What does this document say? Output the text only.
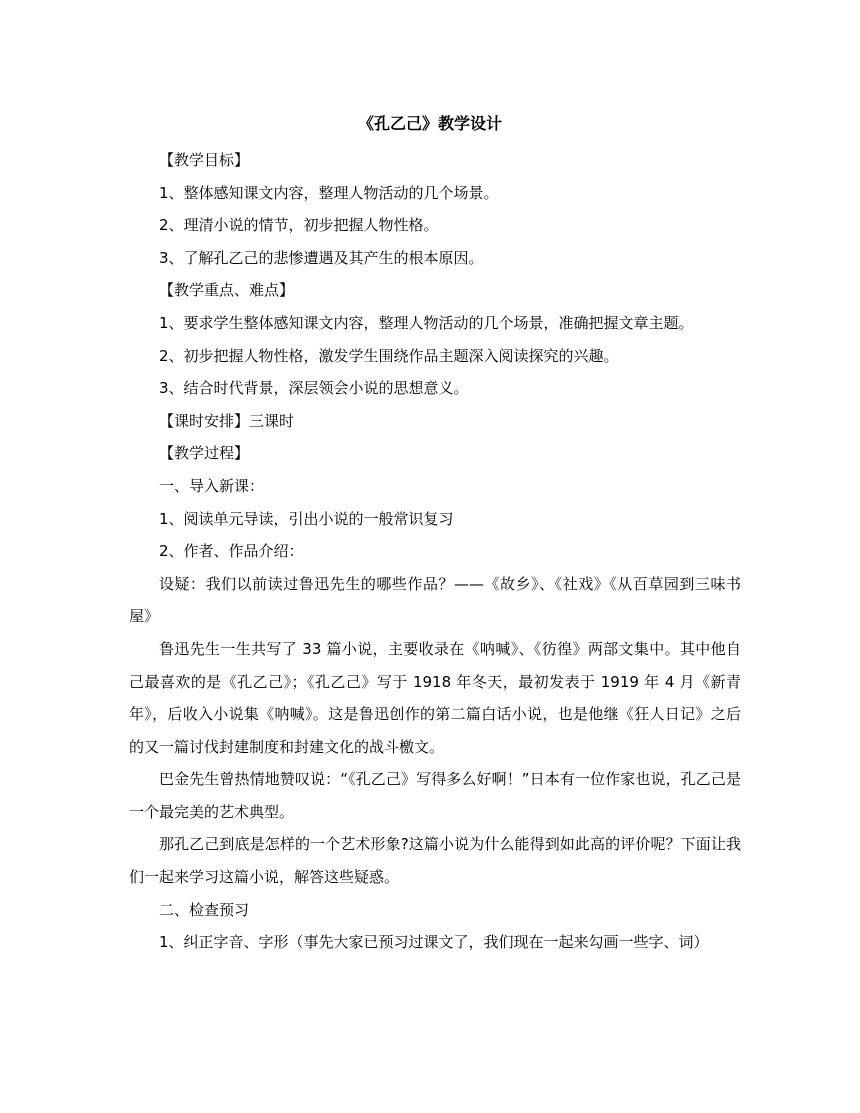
《孔乙己》教学设计

【教学目标】

1、整体感知课文内容，整理人物活动的几个场景。

2、理清小说的情节，初步把握人物性格。

3、了解孔乙己的悲惨遭遇及其产生的根本原因。

【教学重点、难点】

1、要求学生整体感知课文内容，整理人物活动的几个场景，准确把握文章主题。

2、初步把握人物性格，激发学生围绕作品主题深入阅读探究的兴趣。

3、结合时代背景，深层领会小说的思想意义。

【课时安排】三课时

【教学过程】

一、导入新课：

1、阅读单元导读，引出小说的一般常识复习

2、作者、作品介绍：

设疑：我们以前读过鲁迅先生的哪些作品？——《故乡》、《社戏》《从百草园到三味书屋》

鲁迅先生一生共写了 33 篇小说，主要收录在《呐喊》、《彷徨》两部文集中。其中他自己最喜欢的是《孔乙己》；《孔乙己》写于 1918 年冬天，最初发表于 1919 年 4 月《新青年》，后收入小说集《呐喊》。这是鲁迅创作的第二篇白话小说，也是他继《狂人日记》之后的又一篇讨伐封建制度和封建文化的战斗檄文。

巴金先生曾热情地赞叹说：“《孔乙己》写得多么好啊！”日本有一位作家也说，孔乙己是一个最完美的艺术典型。

那孔乙己到底是怎样的一个艺术形象?这篇小说为什么能得到如此高的评价呢？下面让我们一起来学习这篇小说，解答这些疑惑。

二、检查预习

1、纠正字音、字形（事先大家已预习过课文了，我们现在一起来勾画一些字、词）
